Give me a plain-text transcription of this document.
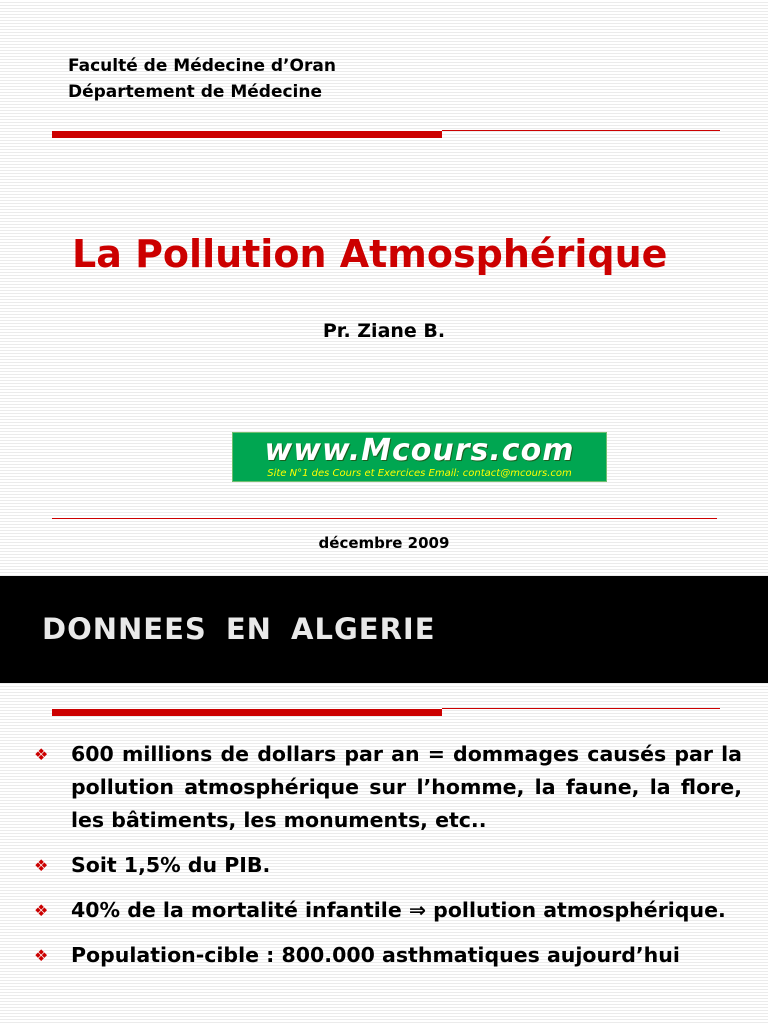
Faculté de Médecine d’Oran
Département de Médecine
La Pollution Atmosphérique
Pr. Ziane B.
www.Mcours.com
Site N°1 des Cours et Exercices Email: contact@mcours.com
décembre 2009
DONNEES EN ALGERIE
❖ 600 millions de dollars par an = dommages causés par la pollution atmosphérique sur l’homme, la faune, la flore, les bâtiments, les monuments, etc..
❖ Soit 1,5% du PIB.
❖ 40% de la mortalité infantile ⇒ pollution atmosphérique.
❖ Population-cible : 800.000 asthmatiques aujourd’hui
